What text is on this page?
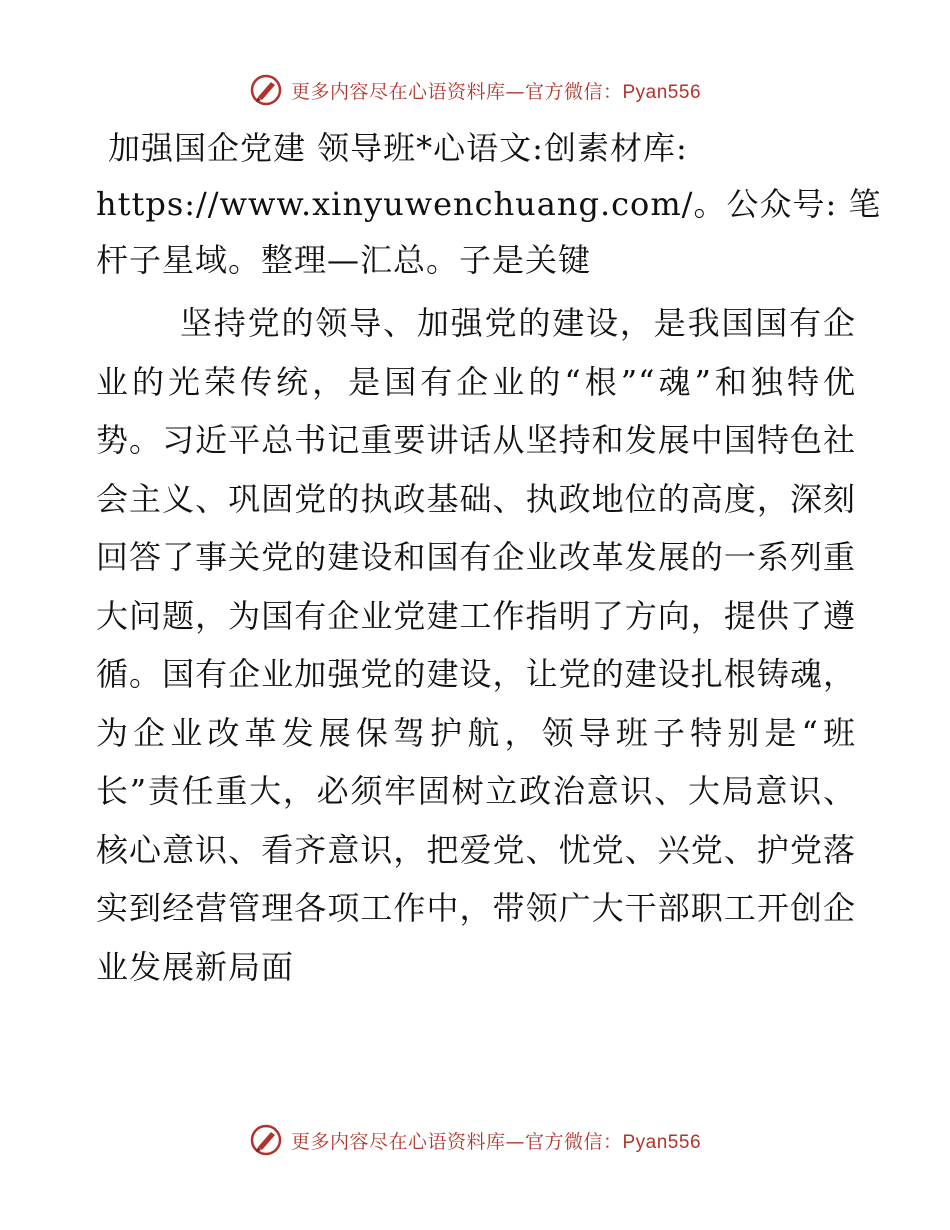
更多内容尽在心语资料库—官方微信：Pyan556
加强国企党建 领导班*心语文:创素材库:
https://www.xinyuwenchuang.com/。公众号: 笔
杆子星域。整理—汇总。子是关键

坚持党的领导、加强党的建设，是我国国有企业的光荣传统，是国有企业的“根”“魂”和独特优势。习近平总书记重要讲话从坚持和发展中国特色社会主义、巩固党的执政基础、执政地位的高度，深刻回答了事关党的建设和国有企业改革发展的一系列重大问题，为国有企业党建工作指明了方向，提供了遵循。国有企业加强党的建设，让党的建设扎根铸魂，为企业改革发展保驾护航，领导班子特别是“班长”责任重大，必须牢固树立政治意识、大局意识、核心意识、看齐意识，把爱党、忧党、兴党、护党落实到经营管理各项工作中，带领广大干部职工开创企业发展新局面

更多内容尽在心语资料库—官方微信：Pyan556
